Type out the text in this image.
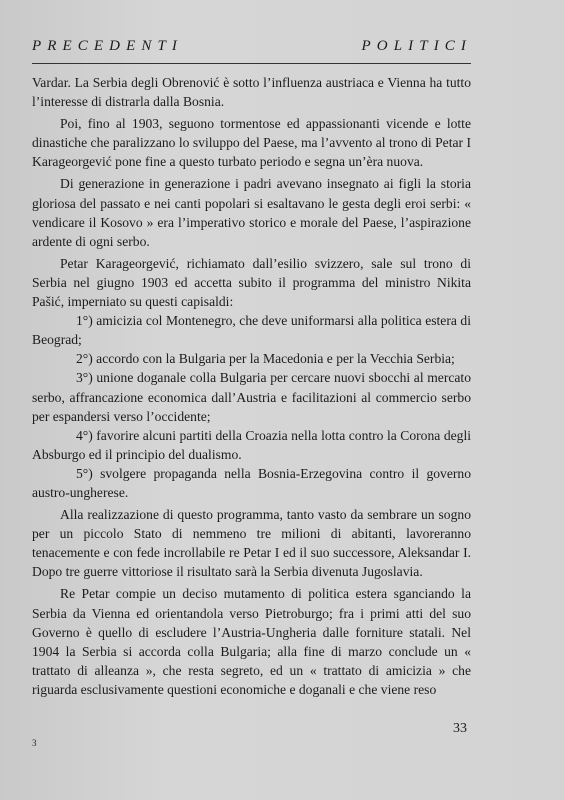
PRECEDENTI	POLITICI

Vardar. La Serbia degli Obrenović è sotto l’influenza austriaca e Vienna ha tutto l’interesse di distrarla dalla Bosnia.

Poi, fino al 1903, seguono tormentose ed appassionanti vicende e lotte dinastiche che paralizzano lo sviluppo del Paese, ma l’avvento al trono di Petar I Karageorgević pone fine a questo turbato periodo e segna un’èra nuova.

Di generazione in generazione i padri avevano insegnato ai figli la storia gloriosa del passato e nei canti popolari si esaltavano le gesta degli eroi serbi: « vendicare il Kosovo » era l’imperativo storico e morale del Paese, l’aspirazione ardente di ogni serbo.

Petar Karageorgević, richiamato dall’esilio svizzero, sale sul trono di Serbia nel giugno 1903 ed accetta subito il programma del ministro Nikita Pašić, imperniato su questi capisaldi:

1°) amicizia col Montenegro, che deve uniformarsi alla politica estera di Beograd;

2°) accordo con la Bulgaria per la Macedonia e per la Vecchia Serbia;

3°) unione doganale colla Bulgaria per cercare nuovi sbocchi al mercato serbo, affrancazione economica dall’Austria e facilitazioni al commercio serbo per espandersi verso l’occidente;

4°) favorire alcuni partiti della Croazia nella lotta contro la Corona degli Absburgo ed il principio del dualismo.

5°) svolgere propaganda nella Bosnia-Erzegovina contro il governo austro-ungherese.

Alla realizzazione di questo programma, tanto vasto da sembrare un sogno per un piccolo Stato di nemmeno tre milioni di abitanti, lavoreranno tenacemente e con fede incrollabile re Petar I ed il suo successore, Aleksandar I. Dopo tre guerre vittoriose il risultato sarà la Serbia divenuta Jugoslavia.

Re Petar compie un deciso mutamento di politica estera sganciando la Serbia da Vienna ed orientandola verso Pietroburgo; fra i primi atti del suo Governo è quello di escludere l’Austria-Ungheria dalle forniture statali. Nel 1904 la Serbia si accorda colla Bulgaria; alla fine di marzo conclude un « trattato di alleanza », che resta segreto, ed un « trattato di amicizia » che riguarda esclusivamente questioni economiche e doganali e che viene reso

33
3
